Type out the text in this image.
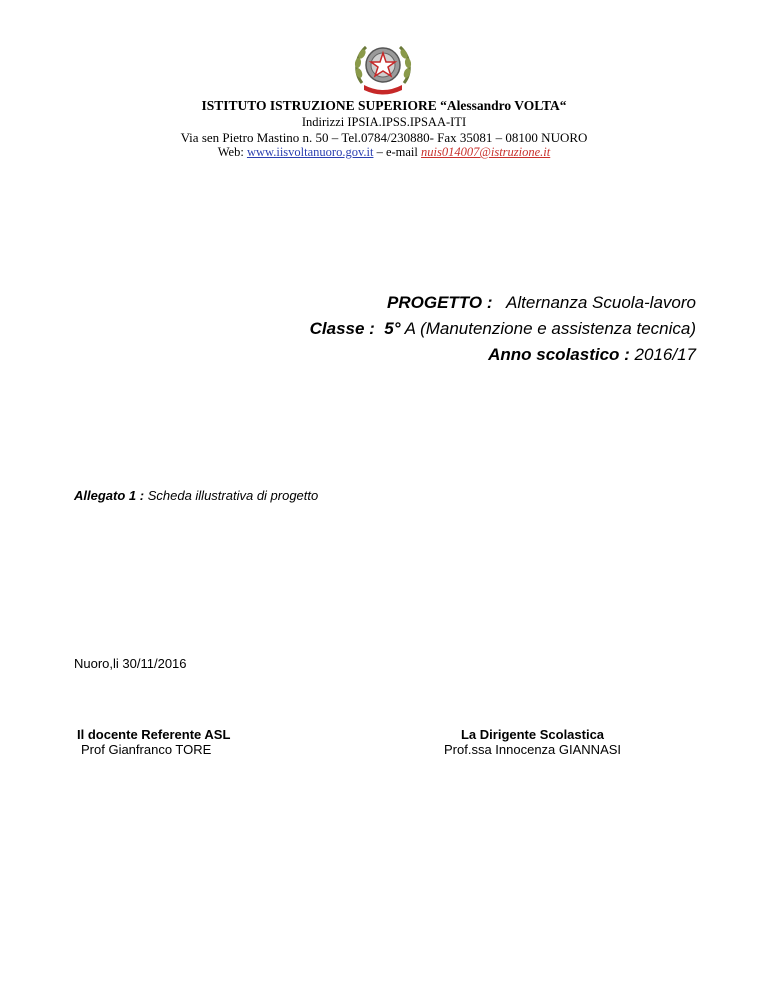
ISTITUTO ISTRUZIONE SUPERIORE “Alessandro VOLTA“
Indirizzi IPSIA.IPSS.IPSAA-ITI
Via sen Pietro Mastino n. 50 – Tel.0784/230880- Fax 35081 – 08100 NUORO
Web: www.iisvoltanuoro.gov.it – e-mail nuis014007@istruzione.it
PROGETTO : Alternanza Scuola-lavoro
Classe : 5° A (Manutenzione e assistenza tecnica)
Anno scolastico : 2016/17
Allegato 1 : Scheda illustrativa di progetto
Nuoro,li 30/11/2016
Il docente Referente ASL
Prof Gianfranco TORE
La Dirigente Scolastica
Prof.ssa Innocenza GIANNASI
